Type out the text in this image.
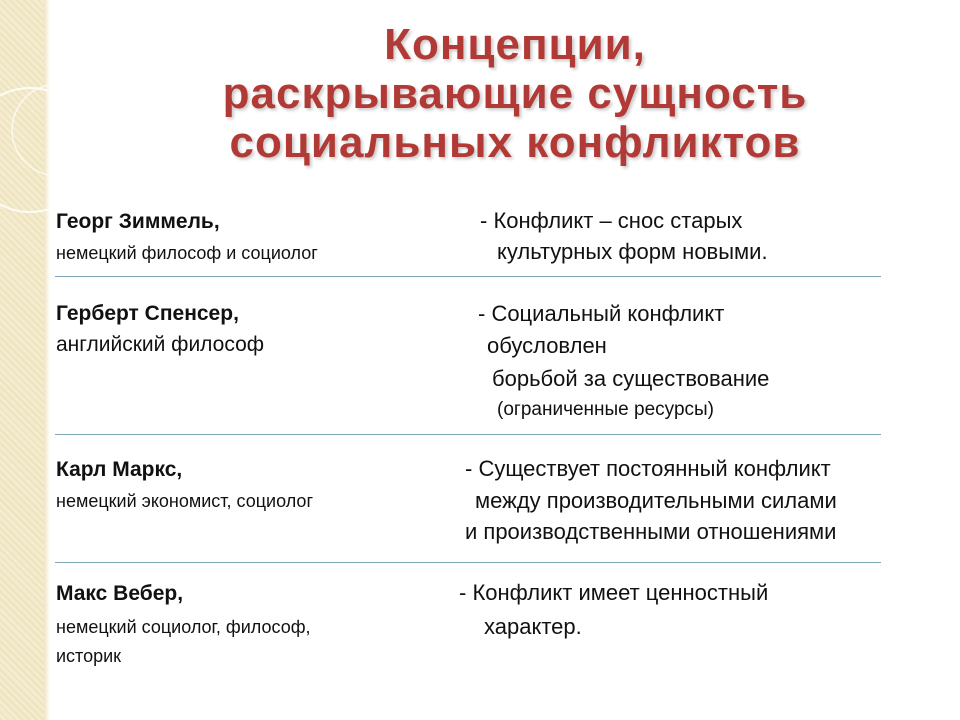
Концепции,
раскрывающие сущность
социальных конфликтов
Георг Зиммель,
немецкий философ и социолог
- Конфликт – снос старых
культурных форм новыми.
Герберт Спенсер,
английский философ
- Социальный конфликт
обусловлен
борьбой за существование
(ограниченные ресурсы)
Карл Маркс,
немецкий экономист, социолог
- Существует постоянный конфликт
между производительными силами
и производственными отношениями
Макс Вебер,
немецкий социолог, философ,
историк
- Конфликт имеет ценностный
характер.
